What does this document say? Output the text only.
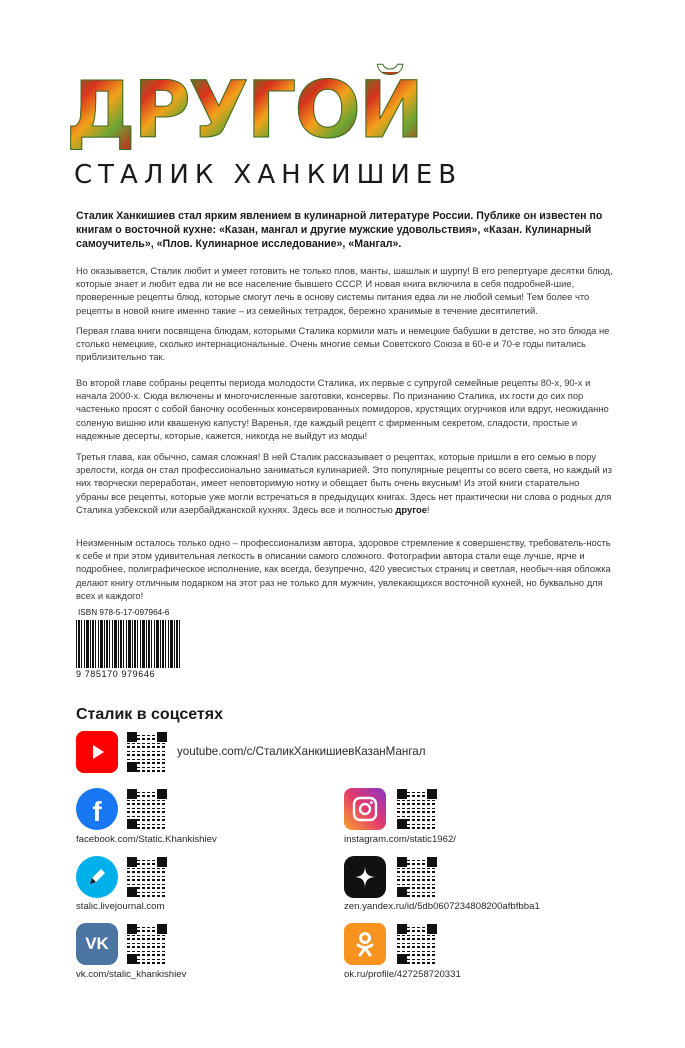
Д Р У Г О Й
СТАЛИК ХАНКИШИЕВ
Сталик Ханкишиев стал ярким явлением в кулинарной литературе России. Публике он известен по книгам о восточной кухне: «Казан, мангал и другие мужские удовольствия», «Казан. Кулинарный самоучитель», «Плов. Кулинарное исследование», «Мангал».
Но оказывается, Сталик любит и умеет готовить не только плов, манты, шашлык и шурпу! В его репертуаре десятки блюд, которые знает и любит едва ли не все население бывшего СССР. И новая книга включила в себя подробней-шие, проверенные рецепты блюд, которые смогут лечь в основу системы питания едва ли не любой семьи! Тем более что рецепты в новой книге именно такие – из семейных тетрадок, бережно хранимые в течение десятилетий.
Первая глава книги посвящена блюдам, которыми Сталика кормили мать и немецкие бабушки в детстве, но это блюда не столько немецкие, сколько интернациональные. Очень многие семьи Советского Союза в 60-е и 70-е годы питались приблизительно так.
Во второй главе собраны рецепты периода молодости Сталика, их первые с супругой семейные рецепты 80-х, 90-х и начала 2000-х. Сюда включены и многочисленные заготовки, консервы. По признанию Сталика, их гости до сих пор частенько просят с собой баночку особенных консервированных помидоров, хрустящих огурчиков или вдруг, неожиданно соленую вишню или квашеную капусту! Варенья, где каждый рецепт с фирменным секретом, сладости, простые и надежные десерты, которые, кажется, никогда не выйдут из моды!
Третья глава, как обычно, самая сложная! В ней Сталик рассказывает о рецептах, которые пришли в его семью в пору зрелости, когда он стал профессионально заниматься кулинарией. Это популярные рецепты со всего света, но каждый из них творчески переработан, имеет неповторимую нотку и обещает быть очень вкусным! Из этой книги старательно убраны все рецепты, которые уже могли встречаться в предыдущих книгах. Здесь нет практически ни слова о родных для Сталика узбекской или азербайджанской кухнях. Здесь все и полностью другое!
Неизменным осталось только одно – профессионализм автора, здоровое стремление к совершенству, требователь-ность к себе и при этом удивительная легкость в описании самого сложного. Фотографии автора стали еще лучше, ярче и подробнее, полиграфическое исполнение, как всегда, безупречно, 420 увесистых страниц и светлая, необыч-ная обложка делают книгу отличным подарком на этот раз не только для мужчин, увлекающихся восточной кухней, но буквально для всех и каждого!
ISBN 978-5-17-097964-6
9 785170 979646
Сталик в соцсетях
youtube.com/c/СталикХанкишиевКазанМангал
f
facebook.com/Static.Khankishiev	instagram.com/static1962/
stalic.livejournal.com	zen.yandex.ru/id/5db0607234808200afbfbba1
VK
vk.com/stalic_khankishiev	ok.ru/profile/427258720331
